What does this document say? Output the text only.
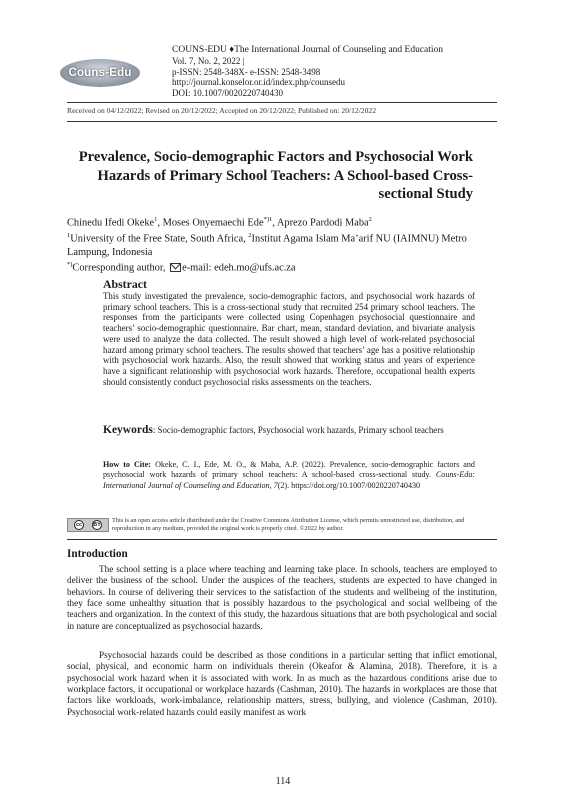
Couns-Edu
COUNS-EDU ♦The International Journal of Counseling and Education
Vol. 7, No. 2, 2022 |
p-ISSN: 2548-348X- e-ISSN: 2548-3498
http://journal.konselor.or.id/index.php/counsedu
DOI: 10.1007/0020220740430
Received on 04/12/2022; Revised on 20/12/2022; Accepted on 20/12/2022; Published on: 20/12/2022
Prevalence, Socio-demographic Factors and Psychosocial Work Hazards of Primary School Teachers: A School-based Cross-sectional Study
Chinedu Ifedi Okeke$^1$, Moses Onyemaechi Ede$^{*)1}$, Aprezo Pardodi Maba$^2$
$^1$University of the Free State, South Africa, $^2$Institut Agama Islam Ma’arif NU (IAIMNU) Metro Lampung, Indonesia
*)Corresponding author, e-mail: edeh.mo@ufs.ac.za
Abstract
This study investigated the prevalence, socio-demographic factors, and psychosocial work hazards of primary school teachers. This is a cross-sectional study that recruited 254 primary school teachers. The responses from the participants were collected using Copenhagen psychosocial questionnaire and teachers’ socio-demographic questionnaire. Bar chart, mean, standard deviation, and bivariate analysis were used to analyze the data collected. The result showed a high level of work-related psychosocial hazard among primary school teachers. The results showed that teachers’ age has a positive relationship with psychosocial work hazards. Also, the result showed that working status and years of experience have a significant relationship with psychosocial work hazards. Therefore, occupational health experts should consistently conduct psychosocial risks assessments on the teachers.
Keywords: Socio-demographic factors, Psychosocial work hazards, Primary school teachers
How to Cite: Okeke, C. I., Ede, M. O., & Maba, A.P. (2022). Prevalence, socio-demographic factors and psychosocial work hazards of primary school teachers: A school-based cross-sectional study. Couns-Edu: International Journal of Counseling and Education, 7(2). https://doi.org/10.1007/0020220740430
cc	BY
This is an open access article distributed under the Creative Commons Attribution License, which permits unrestricted use, distribution, and reproduction in any medium, provided the original work is properly cited. ©2022 by author.
Introduction
The school setting is a place where teaching and learning take place. In schools, teachers are employed to deliver the business of the school. Under the auspices of the teachers, students are expected to have changed in behaviors. In course of delivering their services to the satisfaction of the students and wellbeing of the institution, they face some unhealthy situation that is possibly hazardous to the psychological and social wellbeing of the teachers and organization. In the context of this study, the hazardous situations that are both psychological and social in nature are conceptualized as psychosocial hazards.
Psychosocial hazards could be described as those conditions in a particular setting that inflict emotional, social, physical, and economic harm on individuals therein (Okeafor & Alamina, 2018). Therefore, it is a psychosocial work hazard when it is associated with work. In as much as the hazardous conditions arise due to workplace factors, it occupational or workplace hazards (Cashman, 2010). The hazards in workplaces are those that factors like workloads, work-imbalance, relationship matters, stress, bullying, and violence (Cashman, 2010). Psychosocial work-related hazards could easily manifest as work
114
